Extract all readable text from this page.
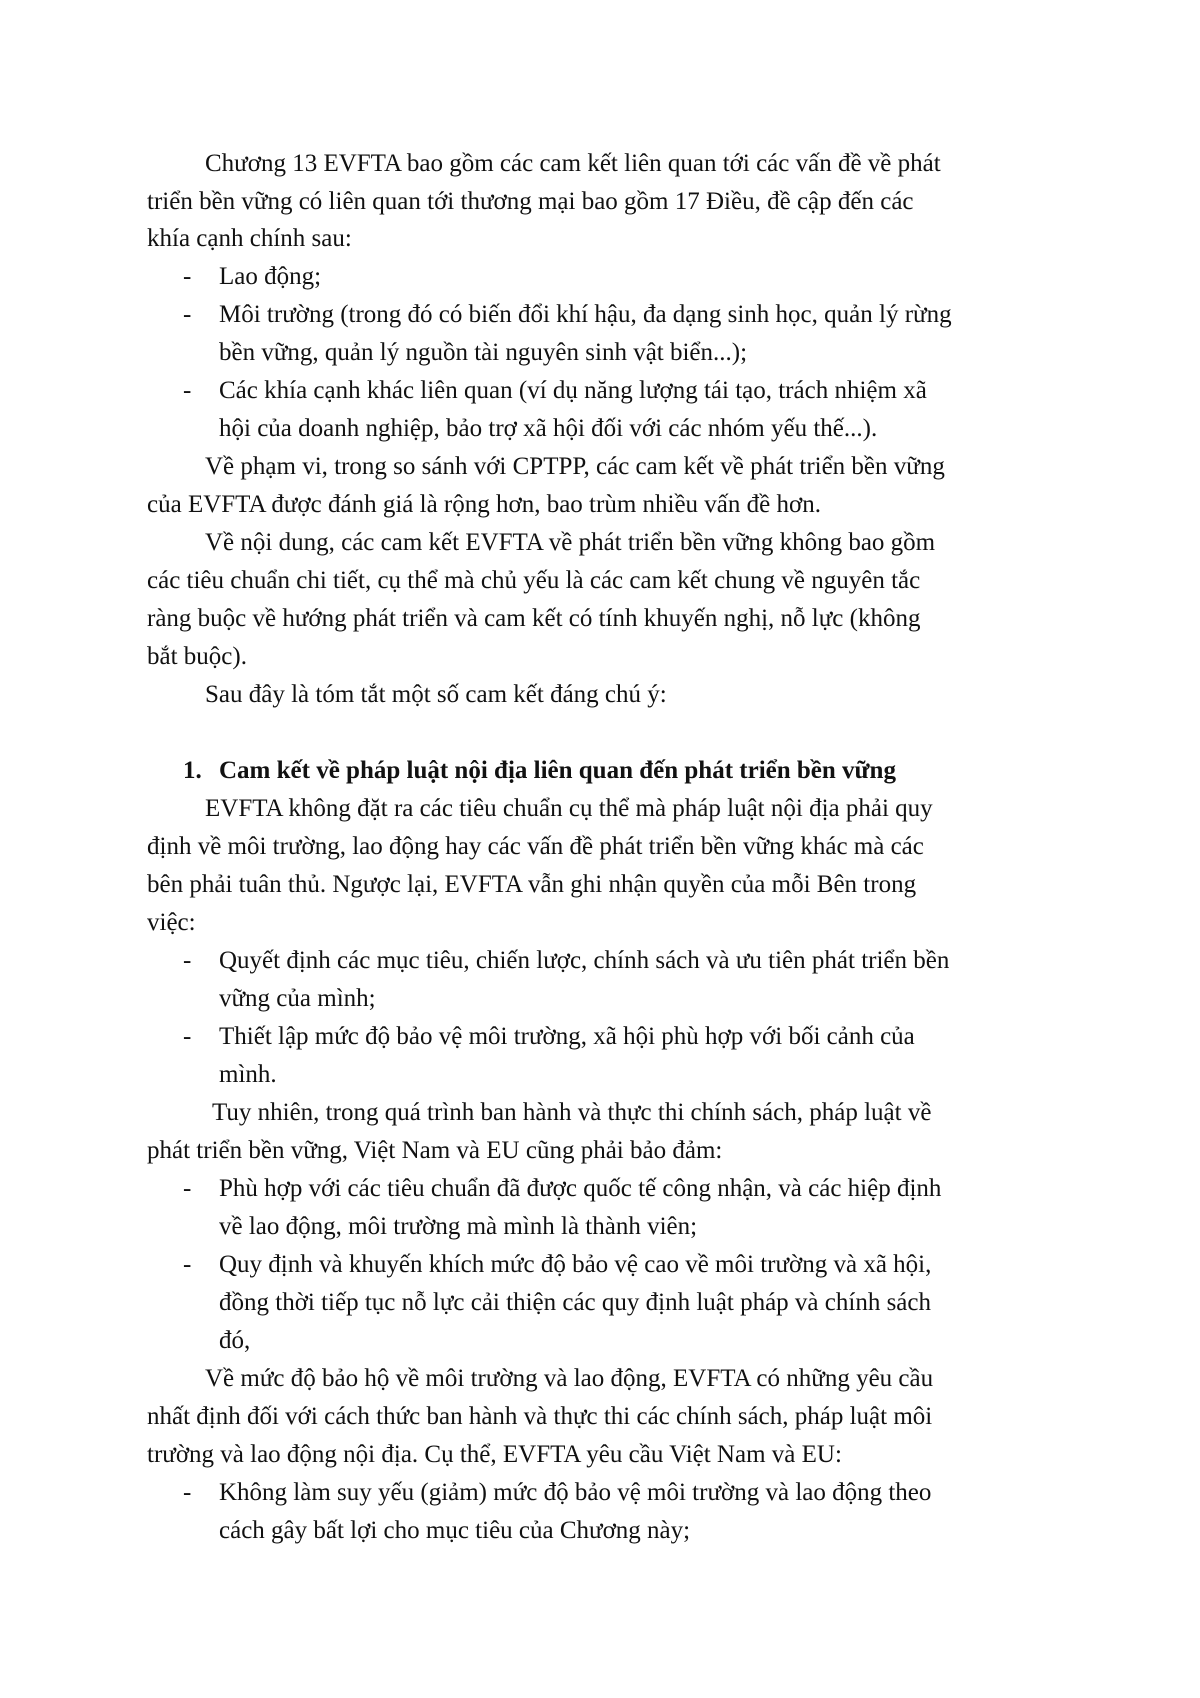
Chương 13 EVFTA bao gồm các cam kết liên quan tới các vấn đề về phát
triển bền vững có liên quan tới thương mại bao gồm 17 Điều, đề cập đến các
khía cạnh chính sau:
- Lao động;
- Môi trường (trong đó có biến đổi khí hậu, đa dạng sinh học, quản lý rừng
bền vững, quản lý nguồn tài nguyên sinh vật biển...);
- Các khía cạnh khác liên quan (ví dụ năng lượng tái tạo, trách nhiệm xã
hội của doanh nghiệp, bảo trợ xã hội đối với các nhóm yếu thế...).
Về phạm vi, trong so sánh với CPTPP, các cam kết về phát triển bền vững
của EVFTA được đánh giá là rộng hơn, bao trùm nhiều vấn đề hơn.
Về nội dung, các cam kết EVFTA về phát triển bền vững không bao gồm
các tiêu chuẩn chi tiết, cụ thể mà chủ yếu là các cam kết chung về nguyên tắc
ràng buộc về hướng phát triển và cam kết có tính khuyến nghị, nỗ lực (không
bắt buộc).
Sau đây là tóm tắt một số cam kết đáng chú ý:
1. Cam kết về pháp luật nội địa liên quan đến phát triển bền vững
EVFTA không đặt ra các tiêu chuẩn cụ thể mà pháp luật nội địa phải quy
định về môi trường, lao động hay các vấn đề phát triển bền vững khác mà các
bên phải tuân thủ. Ngược lại, EVFTA vẫn ghi nhận quyền của mỗi Bên trong
việc:
- Quyết định các mục tiêu, chiến lược, chính sách và ưu tiên phát triển bền
vững của mình;
- Thiết lập mức độ bảo vệ môi trường, xã hội phù hợp với bối cảnh của
mình.
Tuy nhiên, trong quá trình ban hành và thực thi chính sách, pháp luật về
phát triển bền vững, Việt Nam và EU cũng phải bảo đảm:
- Phù hợp với các tiêu chuẩn đã được quốc tế công nhận, và các hiệp định
về lao động, môi trường mà mình là thành viên;
- Quy định và khuyến khích mức độ bảo vệ cao về môi trường và xã hội,
đồng thời tiếp tục nỗ lực cải thiện các quy định luật pháp và chính sách
đó,
Về mức độ bảo hộ về môi trường và lao động, EVFTA có những yêu cầu
nhất định đối với cách thức ban hành và thực thi các chính sách, pháp luật môi
trường và lao động nội địa. Cụ thể, EVFTA yêu cầu Việt Nam và EU:
- Không làm suy yếu (giảm) mức độ bảo vệ môi trường và lao động theo
cách gây bất lợi cho mục tiêu của Chương này;
